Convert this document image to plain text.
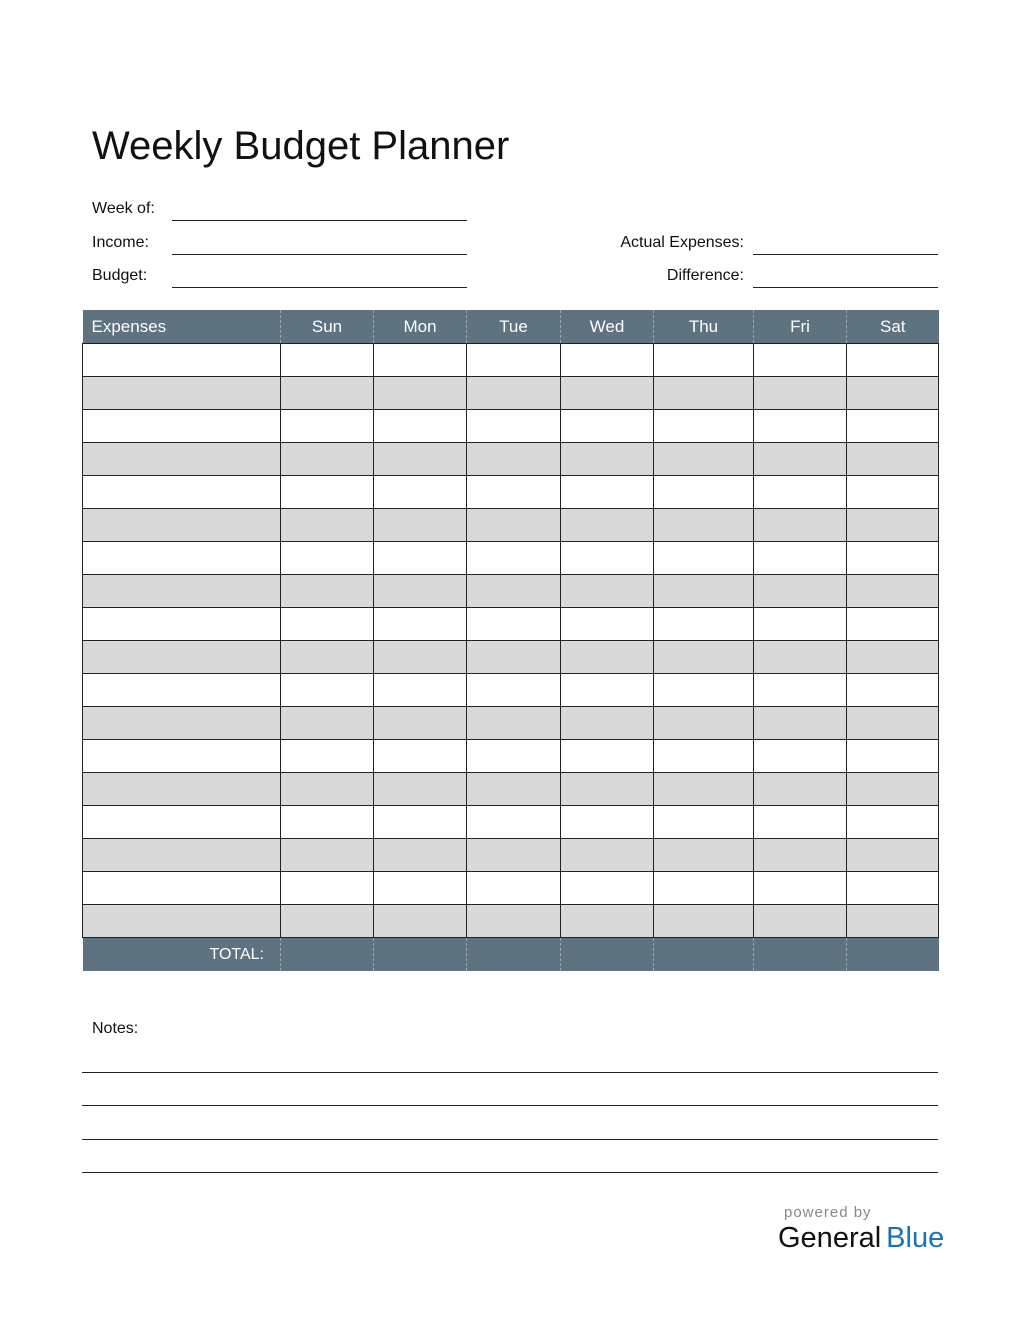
Weekly Budget Planner
Week of:
Income:
Budget:
Actual Expenses:
Difference:
Expenses	Sun	Mon	Tue	Wed	Thu	Fri	Sat

TOTAL:							
Notes:
powered by
General Blue
